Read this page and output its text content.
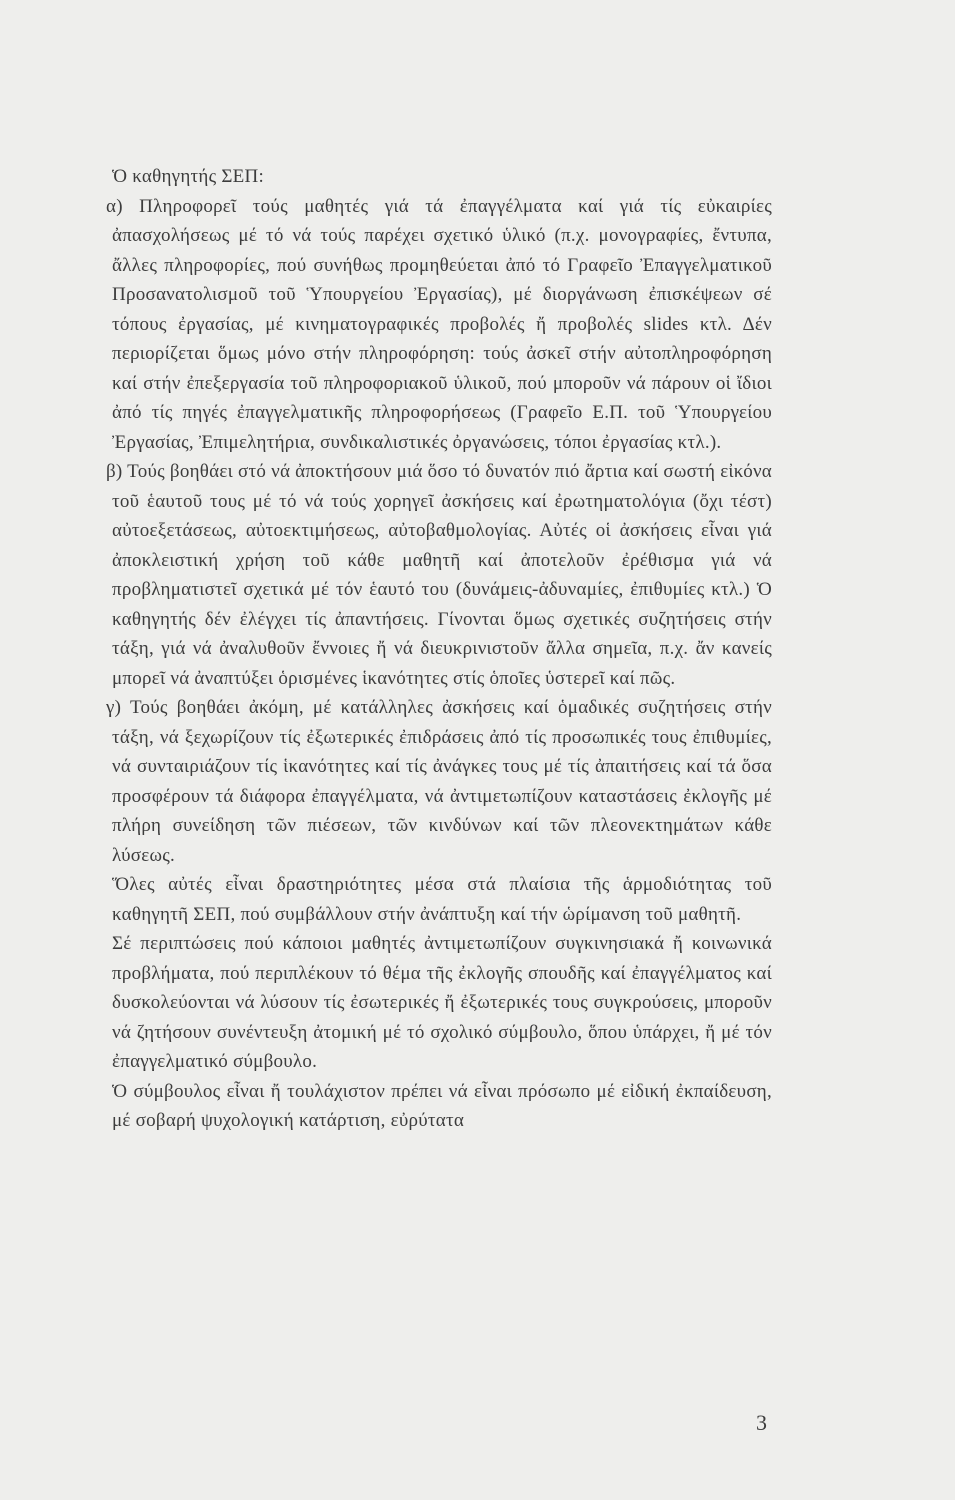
Ὁ καθηγητής ΣΕΠ:

α) Πληροφορεῖ τούς μαθητές γιά τά ἐπαγγέλματα καί γιά τίς εὐκαιρίες ἀπασχολήσεως μέ τό νά τούς παρέχει σχετικό ὑλικό (π.χ. μονογραφίες, ἔντυπα, ἄλλες πληροφορίες, πού συνήθως προμηθεύεται ἀπό τό Γραφεῖο Ἐπαγγελματικοῦ Προσανατολισμοῦ τοῦ Ὑπουργείου Ἐργασίας), μέ διοργάνωση ἐπισκέψεων σέ τόπους ἐργασίας, μέ κινηματογραφικές προβολές ἤ προβολές slides κτλ. Δέν περιορίζεται ὅμως μόνο στήν πληροφόρηση: τούς ἀσκεῖ στήν αὐτοπληροφόρηση καί στήν ἐπεξεργασία τοῦ πληροφοριακοῦ ὑλικοῦ, πού μποροῦν νά πάρουν οἱ ἴδιοι ἀπό τίς πηγές ἐπαγγελματικῆς πληροφορήσεως (Γραφεῖο Ε.Π. τοῦ Ὑπουργείου Ἐργασίας, Ἐπιμελητήρια, συνδικαλιστικές ὀργανώσεις, τόποι ἐργασίας κτλ.).

β) Τούς βοηθάει στό νά ἀποκτήσουν μιά ὅσο τό δυνατόν πιό ἄρτια καί σωστή εἰκόνα τοῦ ἑαυτοῦ τους μέ τό νά τούς χορηγεῖ ἀσκήσεις καί ἐρωτηματολόγια (ὄχι τέστ) αὐτοεξετάσεως, αὐτοεκτιμήσεως, αὐτοβαθμολογίας. Αὐτές οἱ ἀσκήσεις εἶναι γιά ἀποκλειστική χρήση τοῦ κάθε μαθητῆ καί ἀποτελοῦν ἐρέθισμα γιά νά προβληματιστεῖ σχετικά μέ τόν ἑαυτό του (δυνάμεις-ἀδυναμίες, ἐπιθυμίες κτλ.) Ὁ καθηγητής δέν ἐλέγχει τίς ἀπαντήσεις. Γίνονται ὅμως σχετικές συζητήσεις στήν τάξη, γιά νά ἀναλυθοῦν ἔννοιες ἤ νά διευκρινιστοῦν ἄλλα σημεῖα, π.χ. ἄν κανείς μπορεῖ νά ἀναπτύξει ὁρισμένες ἱκανότητες στίς ὁποῖες ὑστερεῖ καί πῶς.

γ) Τούς βοηθάει ἀκόμη, μέ κατάλληλες ἀσκήσεις καί ὁμαδικές συζητήσεις στήν τάξη, νά ξεχωρίζουν τίς ἐξωτερικές ἐπιδράσεις ἀπό τίς προσωπικές τους ἐπιθυμίες, νά συνταιριάζουν τίς ἱκανότητες καί τίς ἀνάγκες τους μέ τίς ἀπαιτήσεις καί τά ὅσα προσφέρουν τά διάφορα ἐπαγγέλματα, νά ἀντιμετωπίζουν καταστάσεις ἐκλογῆς μέ πλήρη συνείδηση τῶν πιέσεων, τῶν κινδύνων καί τῶν πλεονεκτημάτων κάθε λύσεως.

Ὅλες αὐτές εἶναι δραστηριότητες μέσα στά πλαίσια τῆς ἁρμοδιότητας τοῦ καθηγητῆ ΣΕΠ, πού συμβάλλουν στήν ἀνάπτυξη καί τήν ὡρίμανση τοῦ μαθητῆ.

Σέ περιπτώσεις πού κάποιοι μαθητές ἀντιμετωπίζουν συγκινησιακά ἤ κοινωνικά προβλήματα, πού περιπλέκουν τό θέμα τῆς ἐκλογῆς σπουδῆς καί ἐπαγγέλματος καί δυσκολεύονται νά λύσουν τίς ἐσωτερικές ἤ ἐξωτερικές τους συγκρούσεις, μποροῦν νά ζητήσουν συνέντευξη ἀτομική μέ τό σχολικό σύμβουλο, ὅπου ὑπάρχει, ἤ μέ τόν ἐπαγγελματικό σύμβουλο.

Ὁ σύμβουλος εἶναι ἤ τουλάχιστον πρέπει νά εἶναι πρόσωπο μέ εἰδική ἐκπαίδευση, μέ σοβαρή ψυχολογική κατάρτιση, εὐρύτατα

3
